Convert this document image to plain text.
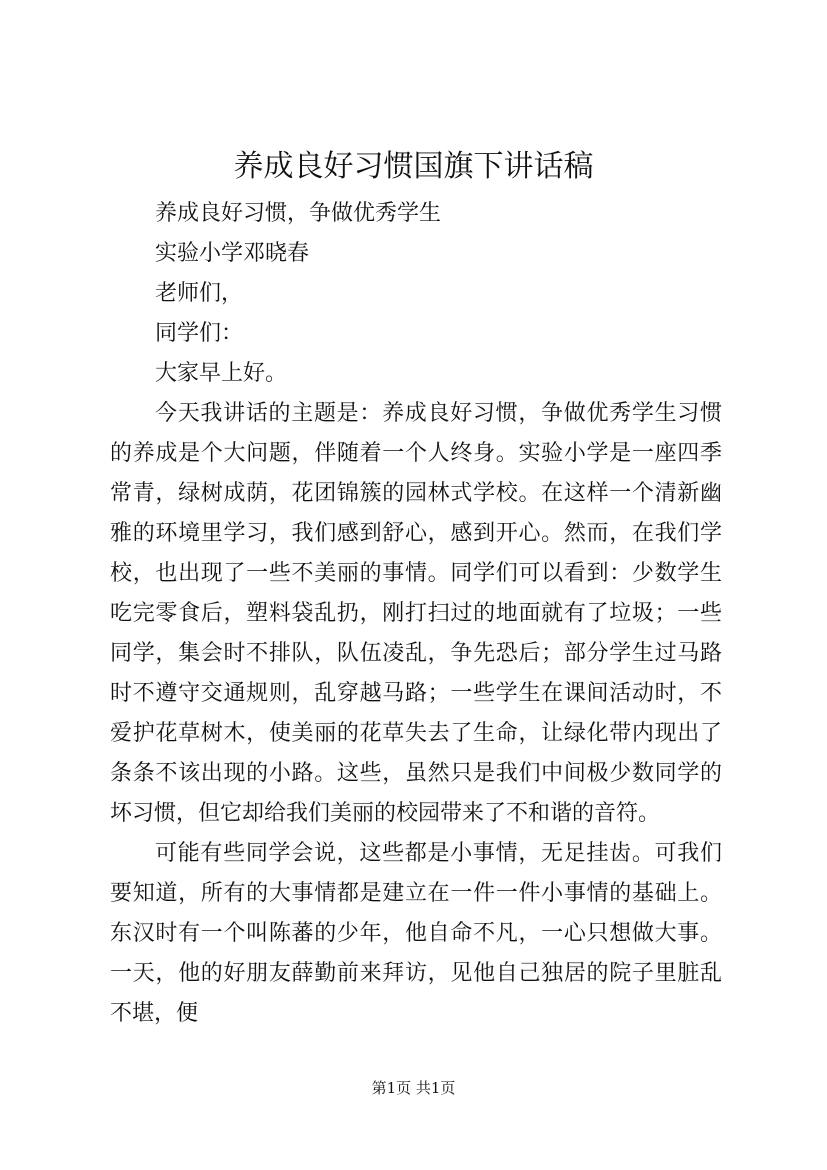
养成良好习惯国旗下讲话稿

养成良好习惯，争做优秀学生

实验小学邓晓春

老师们，

同学们：

大家早上好。

今天我讲话的主题是：养成良好习惯，争做优秀学生习惯的养成是个大问题，伴随着一个人终身。实验小学是一座四季常青，绿树成荫，花团锦簇的园林式学校。在这样一个清新幽雅的环境里学习，我们感到舒心，感到开心。然而，在我们学校，也出现了一些不美丽的事情。同学们可以看到：少数学生吃完零食后，塑料袋乱扔，刚打扫过的地面就有了垃圾；一些同学，集会时不排队，队伍凌乱，争先恐后；部分学生过马路时不遵守交通规则，乱穿越马路；一些学生在课间活动时，不爱护花草树木，使美丽的花草失去了生命，让绿化带内现出了条条不该出现的小路。这些，虽然只是我们中间极少数同学的坏习惯，但它却给我们美丽的校园带来了不和谐的音符。

可能有些同学会说，这些都是小事情，无足挂齿。可我们要知道，所有的大事情都是建立在一件一件小事情的基础上。东汉时有一个叫陈蕃的少年，他自命不凡，一心只想做大事。一天，他的好朋友薛勤前来拜访，见他自己独居的院子里脏乱不堪，便

第1页 共1页
